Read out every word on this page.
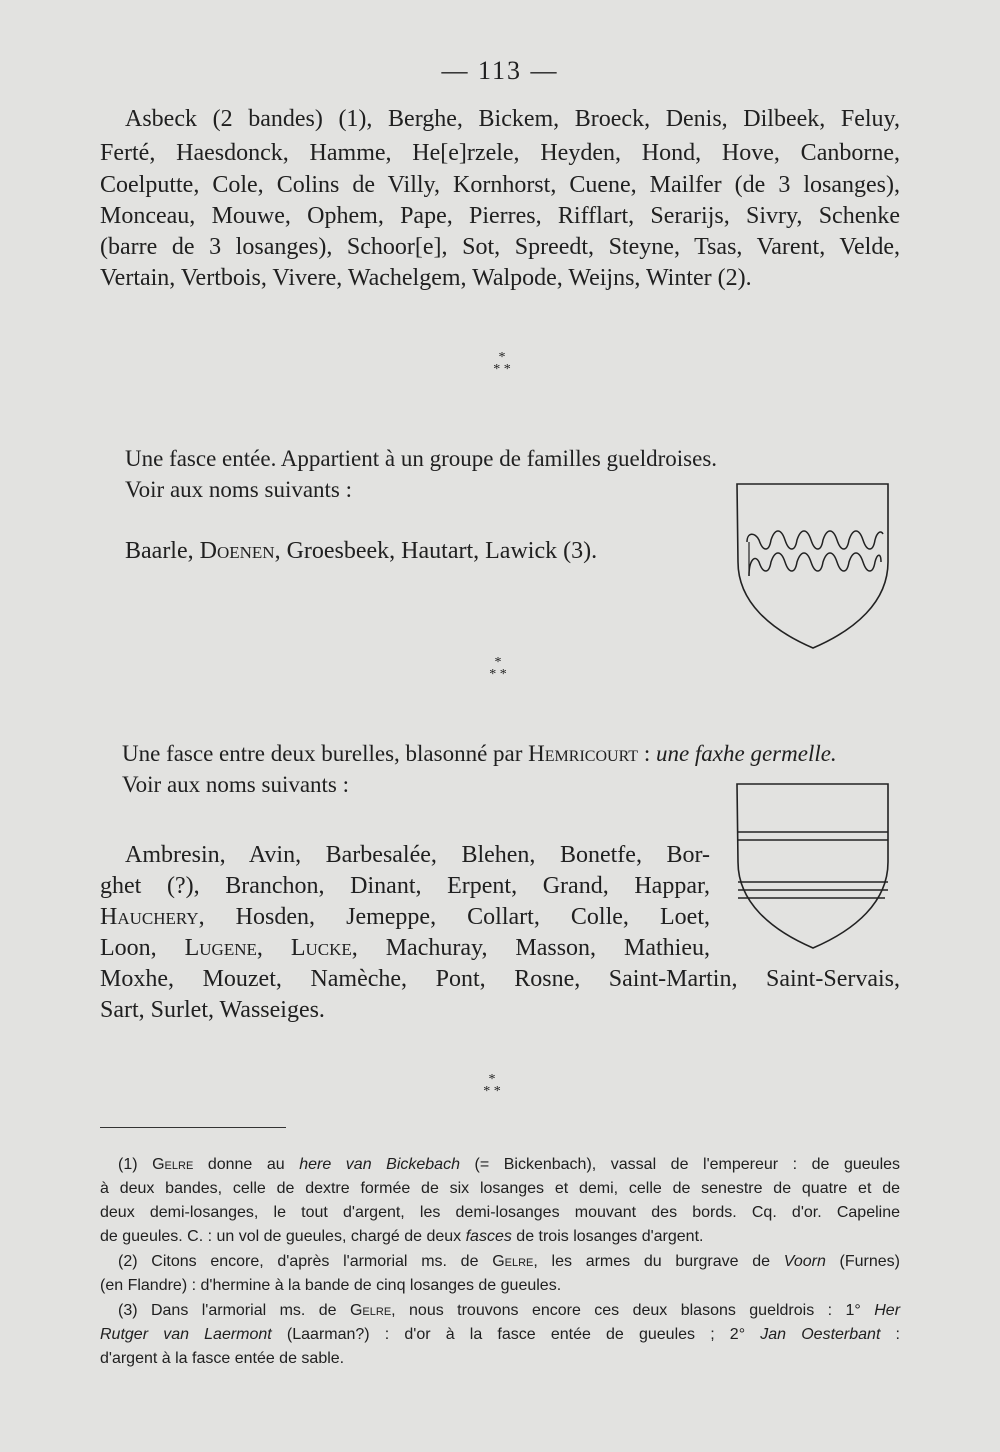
— 113 —
Asbeck (2 bandes) (1), Berghe, Bickem, Broeck, Denis, Dilbeek, Feluy,
Ferté, Haesdonck, Hamme, He[e]rzele, Heyden, Hond, Hove, Canborne,
Coelputte, Cole, Colins de Villy, Kornhorst, Cuene, Mailfer (de 3 losanges),
Monceau, Mouwe, Ophem, Pape, Pierres, Rifflart, Serarijs, Sivry, Schenke
(barre de 3 losanges), Schoor[e], Sot, Spreedt, Steyne, Tsas, Varent, Velde,
Vertain, Vertbois, Vivere, Wachelgem, Walpode, Weijns, Winter (2).
*
* *
Une fasce entée. Appartient à un groupe de familles gueldroises.
Voir aux noms suivants :
Baarle, Doenen, Groesbeek, Hautart, Lawick (3).
*
* *
Une fasce entre deux burelles, blasonné par Hemricourt : une faxhe germelle.
Voir aux noms suivants :
Ambresin, Avin, Barbesalée, Blehen, Bonetfe, Bor-
ghet (?), Branchon, Dinant, Erpent, Grand, Happar,
Hauchery, Hosden, Jemeppe, Collart, Colle, Loet,
Loon, Lugene, Lucke, Machuray, Masson, Mathieu,
Moxhe, Mouzet, Namèche, Pont, Rosne, Saint-Martin, Saint-Servais,
Sart, Surlet, Wasseiges.
*
* *
(1) Gelre donne au here van Bickebach (= Bickenbach), vassal de l'empereur : de gueules
à deux bandes, celle de dextre formée de six losanges et demi, celle de senestre de quatre et de
deux demi-losanges, le tout d'argent, les demi-losanges mouvant des bords. Cq. d'or. Capeline
de gueules. C. : un vol de gueules, chargé de deux fasces de trois losanges d'argent.
(2) Citons encore, d'après l'armorial ms. de Gelre, les armes du burgrave de Voorn (Furnes)
(en Flandre) : d'hermine à la bande de cinq losanges de gueules.
(3) Dans l'armorial ms. de Gelre, nous trouvons encore ces deux blasons gueldrois : 1° Her
Rutger van Laermont (Laarman?) : d'or à la fasce entée de gueules ; 2° Jan Oesterbant :
d'argent à la fasce entée de sable.
